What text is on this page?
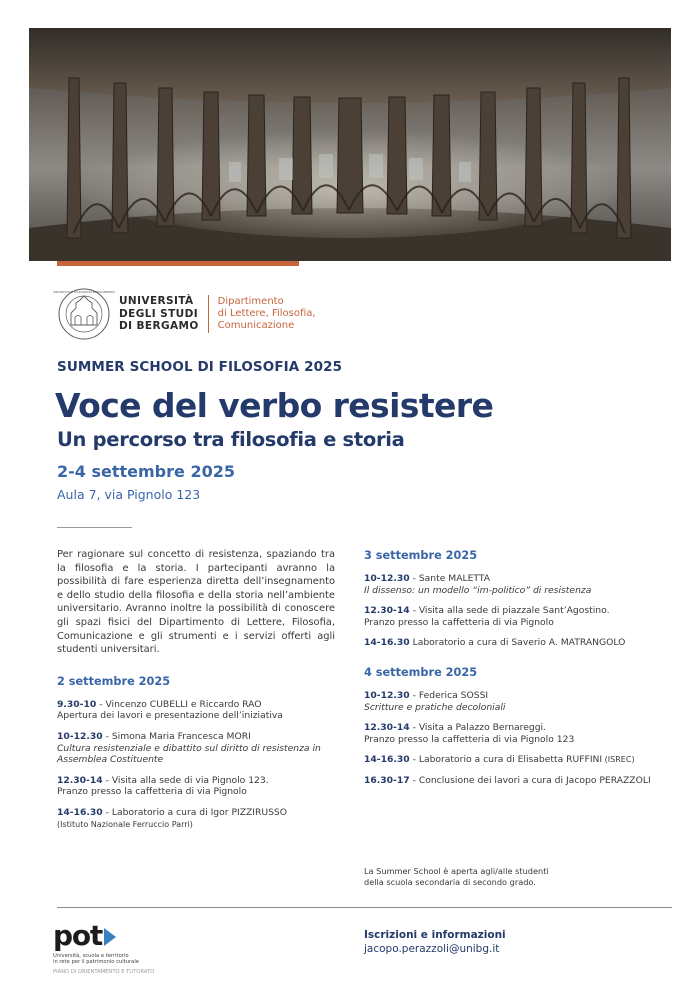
UNIVERSITAS STUDIORUM BERGOMENSIS
UNIVERSITÀ
DEGLI STUDI
DI BERGAMO
Dipartimento
di Lettere, Filosofia,
Comunicazione
SUMMER SCHOOL DI FILOSOFIA 2025
Voce del verbo resistere
Un percorso tra filosofia e storia
2-4 settembre 2025
Aula 7, via Pignolo 123

Per ragionare sul concetto di resistenza, spaziando tra la filosofia e la storia. I partecipanti avranno la possibilità di fare esperienza diretta dell’insegnamento e dello studio della filosofia e della storia nell’ambiente universitario. Avranno inoltre la possibilità di conoscere gli spazi fisici del Dipartimento di Lettere, Filosofia, Comunicazione e gli strumenti e i servizi offerti agli studenti universitari.

2 settembre 2025
9.30-10 - Vincenzo CUBELLI e Riccardo RAO
Apertura dei lavori e presentazione dell’iniziativa
10-12.30 - Simona Maria Francesca MORI
Cultura resistenziale e dibattito sul diritto di resistenza in Assemblea Costituente
12.30-14 - Visita alla sede di via Pignolo 123.
Pranzo presso la caffetteria di via Pignolo
14-16.30 - Laboratorio a cura di Igor PIZZIRUSSO
(Istituto Nazionale Ferruccio Parri)
3 settembre 2025
10-12.30 - Sante MALETTA
Il dissenso: un modello “im-politico” di resistenza
12.30-14 - Visita alla sede di piazzale Sant’Agostino.
Pranzo presso la caffetteria di via Pignolo
14-16.30 Laboratorio a cura di Saverio A. MATRANGOLO
4 settembre 2025
10-12.30 - Federica SOSSI
Scritture e pratiche decoloniali
12.30-14 - Visita a Palazzo Bernareggi.
Pranzo presso la caffetteria di via Pignolo 123
14-16.30 - Laboratorio a cura di Elisabetta RUFFINI (ISREC)
16.30-17 - Conclusione dei lavori a cura di Jacopo PERAZZOLI
La Summer School è aperta agli/alle studenti
della scuola secondaria di secondo grado.
pot
Università, scuola e territorio
in rete per il patrimonio culturale
PIANO DI ORIENTAMENTO E TUTORATO
Iscrizioni e informazioni
jacopo.perazzoli@unibg.it
